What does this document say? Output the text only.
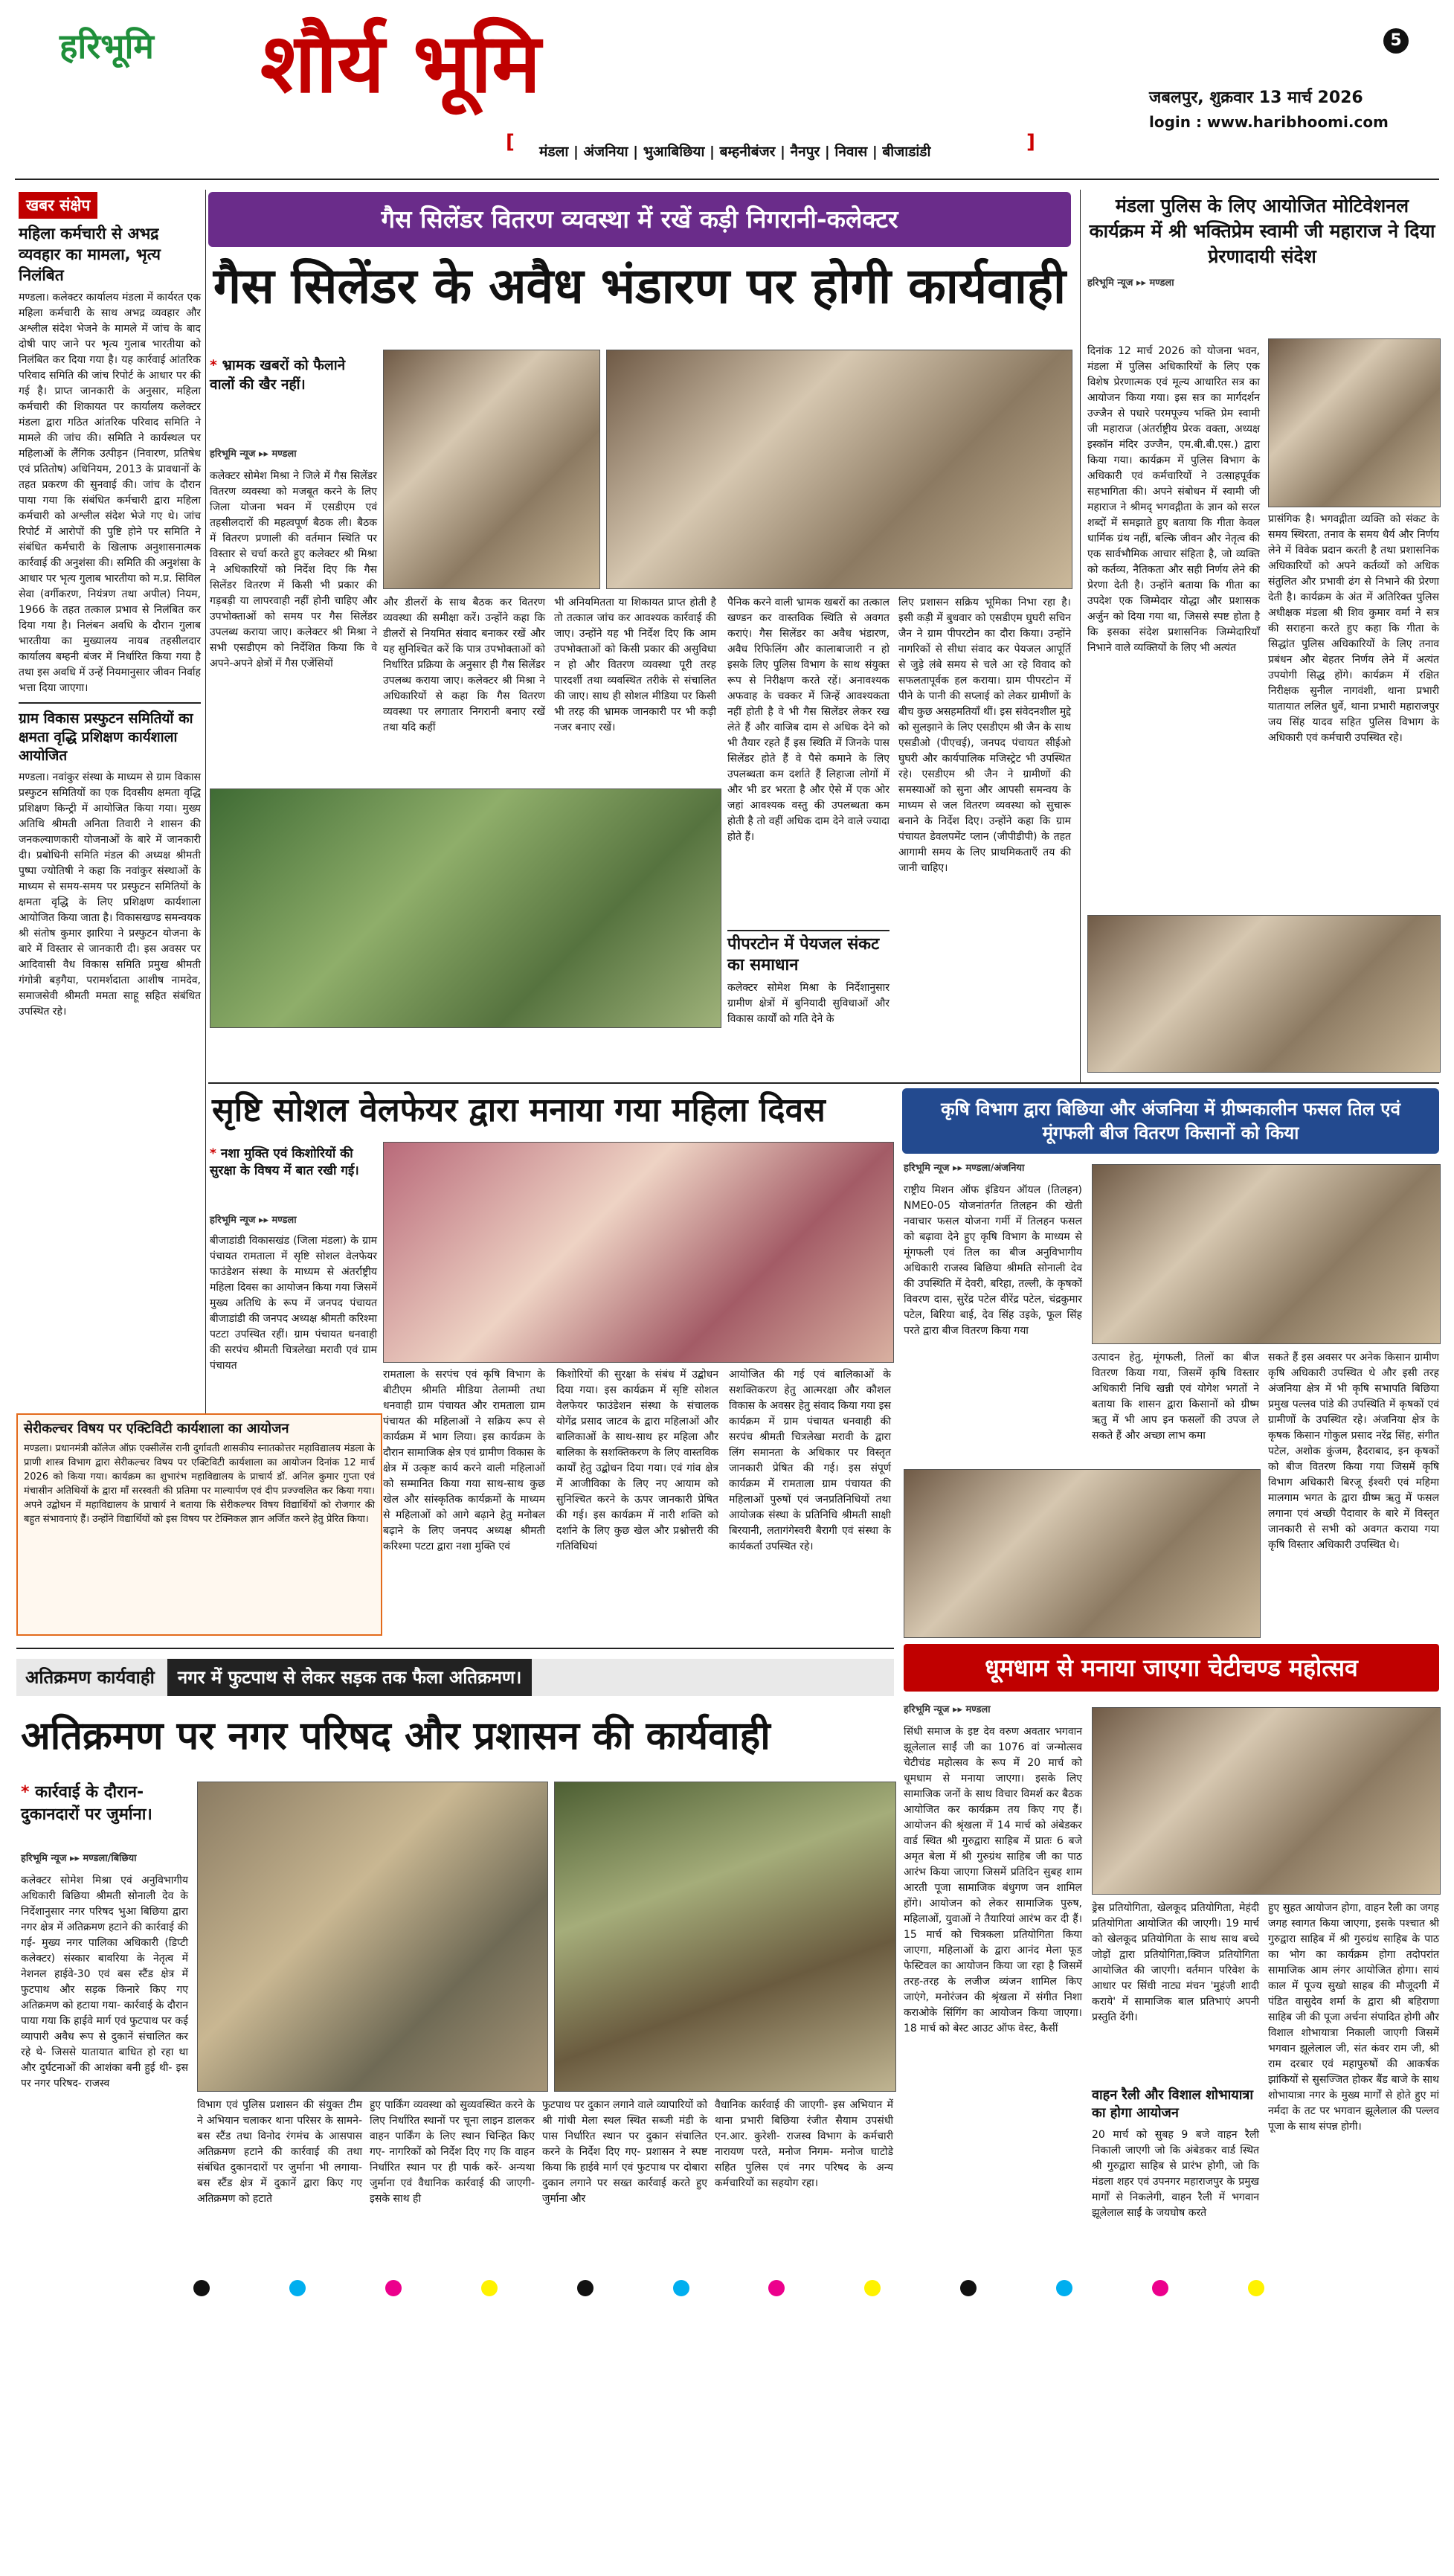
हरिभूमि शौर्य भूमि	5
जबलपुर, शुक्रवार 13 मार्च 2026
login : www.haribhoomi.com
[ मंडला | अंजनिया | भुआबिछिया | बम्हनीबंजर | नैनपुर | निवास | बीजाडांडी	]
खबर संक्षेप
महिला कर्मचारी से अभद्र व्यवहार का मामला, भृत्य निलंबित
मण्डला। कलेक्टर कार्यालय मंडला में कार्यरत एक महिला कर्मचारी के साथ अभद्र व्यवहार और अश्लील संदेश भेजने के मामले में जांच के बाद दोषी पाए जाने पर भृत्य गुलाब भारतीया को निलंबित कर दिया गया है। यह कार्रवाई आंतरिक परिवाद समिति की जांच रिपोर्ट के आधार पर की गई है। प्राप्त जानकारी के अनुसार, महिला कर्मचारी की शिकायत पर कार्यालय कलेक्टर मंडला द्वारा गठित आंतरिक परिवाद समिति ने मामले की जांच की। समिति ने कार्यस्थल पर महिलाओं के लैंगिक उत्पीड़न (निवारण, प्रतिषेध एवं प्रतितोष) अधिनियम, 2013 के प्रावधानों के तहत प्रकरण की सुनवाई की। जांच के दौरान पाया गया कि संबंधित कर्मचारी द्वारा महिला कर्मचारी को अश्लील संदेश भेजे गए थे। जांच रिपोर्ट में आरोपों की पुष्टि होने पर समिति ने संबंधित कर्मचारी के खिलाफ अनुशासनात्मक कार्रवाई की अनुशंसा की। समिति की अनुशंसा के आधार पर भृत्य गुलाब भारतीया को म.प्र. सिविल सेवा (वर्गीकरण, नियंत्रण तथा अपील) नियम, 1966 के तहत तत्काल प्रभाव से निलंबित कर दिया गया है। निलंबन अवधि के दौरान गुलाब भारतीया का मुख्यालय नायब तहसीलदार कार्यालय बम्हनी बंजर में निर्धारित किया गया है तथा इस अवधि में उन्हें नियमानुसार जीवन निर्वाह भत्ता दिया जाएगा।
ग्राम विकास प्रस्फुटन समितियों का क्षमता वृद्धि प्रशिक्षण कार्यशाला आयोजित
मण्डला। नवांकुर संस्था के माध्यम से ग्राम विकास प्रस्फुटन समितियों का एक दिवसीय क्षमता वृद्धि प्रशिक्षण किन्ट्री में आयोजित किया गया। मुख्य अतिथि श्रीमती अनिता तिवारी ने शासन की जनकल्याणकारी योजनाओं के बारे में जानकारी दी। प्रबोधिनी समिति मंडल की अध्यक्ष श्रीमती पुष्पा ज्योतिषी ने कहा कि नवांकुर संस्थाओं के माध्यम से समय-समय पर प्रस्फुटन समितियों के क्षमता वृद्धि के लिए प्रशिक्षण कार्यशाला आयोजित किया जाता है। विकासखण्ड समन्वयक श्री संतोष कुमार झारिया ने प्रस्फुटन योजना के बारे में विस्तार से जानकारी दी। इस अवसर पर आदिवासी वैध विकास समिति प्रमुख श्रीमती गंगोत्री बड़गैया, परामर्शदाता आशीष नामदेव, समाजसेवी श्रीमती ममता साहू सहित संबंधित उपस्थित रहे।
गैस सिलेंडर वितरण व्यवस्था में रखें कड़ी निगरानी-कलेक्टर
गैस सिलेंडर के अवैध भंडारण पर होगी कार्यवाही
* भ्रामक खबरों को फैलाने वालों की खैर नहीं।
हरिभूमि न्यूज ▸▸ मण्डला
कलेक्टर सोमेश मिश्रा ने जिले में गैस सिलेंडर वितरण व्यवस्था को मजबूत करने के लिए जिला योजना भवन में एसडीएम एवं तहसीलदारों की महत्वपूर्ण बैठक ली। बैठक में वितरण प्रणाली की वर्तमान स्थिति पर विस्तार से चर्चा करते हुए कलेक्टर श्री मिश्रा ने अधिकारियों को निर्देश दिए कि गैस सिलेंडर वितरण में किसी भी प्रकार की गड़बड़ी या लापरवाही नहीं होनी चाहिए और उपभोक्ताओं को समय पर गैस सिलेंडर उपलब्ध कराया जाए। कलेक्टर श्री मिश्रा ने सभी एसडीएम को निर्देशित किया कि वे अपने-अपने क्षेत्रों में गैस एजेंसियों
और डीलरों के साथ बैठक कर वितरण व्यवस्था की समीक्षा करें। उन्होंने कहा कि डीलरों से नियमित संवाद बनाकर रखें और यह सुनिश्चित करें कि पात्र उपभोक्ताओं को निर्धारित प्रक्रिया के अनुसार ही गैस सिलेंडर उपलब्ध कराया जाए। कलेक्टर श्री मिश्रा ने अधिकारियों से कहा कि गैस वितरण व्यवस्था पर लगातार निगरानी बनाए रखें तथा यदि कहीं
भी अनियमितता या शिकायत प्राप्त होती है तो तत्काल जांच कर आवश्यक कार्रवाई की जाए। उन्होंने यह भी निर्देश दिए कि आम उपभोक्ताओं को किसी प्रकार की असुविधा न हो और वितरण व्यवस्था पूरी तरह पारदर्शी तथा व्यवस्थित तरीके से संचालित की जाए। साथ ही सोशल मीडिया पर किसी भी तरह की भ्रामक जानकारी पर भी कड़ी नजर बनाए रखें।
पैनिक करने वाली भ्रामक खबरों का तत्काल खण्डन कर वास्तविक स्थिति से अवगत कराएं। गैस सिलेंडर का अवैध भंडारण, अवैध रिफिलिंग और कालाबाजारी न हो इसके लिए पुलिस विभाग के साथ संयुक्त रूप से निरीक्षण करते रहें। अनावश्यक अफवाह के चक्कर में जिन्हें आवश्यकता नहीं होती है वे भी गैस सिलेंडर लेकर रख लेते हैं और वाजिब दाम से अधिक देने को भी तैयार रहते हैं इस स्थिति में जिनके पास सिलेंडर होते हैं वे पैसे कमाने के लिए उपलब्धता कम दर्शाते हैं लिहाजा लोगों में और भी डर भरता है और ऐसे में एक ओर जहां आवश्यक वस्तु की उपलब्धता कम होती है तो वहीं अधिक दाम देने वाले ज्यादा होते हैं।
पीपरटोन में पेयजल संकट का समाधान
कलेक्टर सोमेश मिश्रा के निर्देशानुसार ग्रामीण क्षेत्रों में बुनियादी सुविधाओं और विकास कार्यों को गति देने के
लिए प्रशासन सक्रिय भूमिका निभा रहा है। इसी कड़ी में बुधवार को एसडीएम घुघरी सचिन जैन ने ग्राम पीपरटोन का दौरा किया। उन्होंने नागरिकों से सीधा संवाद कर पेयजल आपूर्ति से जुड़े लंबे समय से चले आ रहे विवाद को सफलतापूर्वक हल कराया। ग्राम पीपरटोन में पीने के पानी की सप्लाई को लेकर ग्रामीणों के बीच कुछ असहमतियाँ थीं। इस संवेदनशील मुद्दे को सुलझाने के लिए एसडीएम श्री जैन के साथ एसडीओ (पीएचई), जनपद पंचायत सीईओ घुघरी और कार्यपालिक मजिस्ट्रेट भी उपस्थित रहे। एसडीएम श्री जैन ने ग्रामीणों की समस्याओं को सुना और आपसी समन्वय के माध्यम से जल वितरण व्यवस्था को सुचारू बनाने के निर्देश दिए। उन्होंने कहा कि ग्राम पंचायत डेवलपमेंट प्लान (जीपीडीपी) के तहत आगामी समय के लिए प्राथमिकताएँ तय की जानी चाहिए।
मंडला पुलिस के लिए आयोजित मोटिवेशनल कार्यक्रम में श्री भक्तिप्रेम स्वामी जी महाराज ने दिया प्रेरणादायी संदेश
हरिभूमि न्यूज ▸▸ मण्डला
दिनांक 12 मार्च 2026 को योजना भवन, मंडला में पुलिस अधिकारियों के लिए एक विशेष प्रेरणात्मक एवं मूल्य आधारित सत्र का आयोजन किया गया। इस सत्र का मार्गदर्शन उज्जैन से पधारे परमपूज्य भक्ति प्रेम स्वामी जी महाराज (अंतर्राष्ट्रीय प्रेरक वक्ता, अध्यक्ष इस्कॉन मंदिर उज्जैन, एम.बी.बी.एस.) द्वारा किया गया। कार्यक्रम में पुलिस विभाग के अधिकारी एवं कर्मचारियों ने उत्साहपूर्वक सहभागिता की। अपने संबोधन में स्वामी जी महाराज ने श्रीमद् भगवद्गीता के ज्ञान को सरल शब्दों में समझाते हुए बताया कि गीता केवल धार्मिक ग्रंथ नहीं, बल्कि जीवन और नेतृत्व की एक सार्वभौमिक आचार संहिता है, जो व्यक्ति को कर्तव्य, नैतिकता और सही निर्णय लेने की प्रेरणा देती है। उन्होंने बताया कि गीता का उपदेश एक जिम्मेदार योद्धा और प्रशासक अर्जुन को दिया गया था, जिससे स्पष्ट होता है कि इसका संदेश प्रशासनिक जिम्मेदारियाँ निभाने वाले व्यक्तियों के लिए भी अत्यंत
प्रासंगिक है। भगवद्गीता व्यक्ति को संकट के समय स्थिरता, तनाव के समय धैर्य और निर्णय लेने में विवेक प्रदान करती है तथा प्रशासनिक अधिकारियों को अपने कर्तव्यों को अधिक संतुलित और प्रभावी ढंग से निभाने की प्रेरणा देती है। कार्यक्रम के अंत में अतिरिक्त पुलिस अधीक्षक मंडला श्री शिव कुमार वर्मा ने सत्र की सराहना करते हुए कहा कि गीता के सिद्धांत पुलिस अधिकारियों के लिए तनाव प्रबंधन और बेहतर निर्णय लेने में अत्यंत उपयोगी सिद्ध होंगे। कार्यक्रम में रक्षित निरीक्षक सुनील नागवंशी, थाना प्रभारी यातायात ललित धुर्वे, थाना प्रभारी महाराजपुर जय सिंह यादव सहित पुलिस विभाग के अधिकारी एवं कर्मचारी उपस्थित रहे।
सृष्टि सोशल वेलफेयर द्वारा मनाया गया महिला दिवस
* नशा मुक्ति एवं किशोरियों की सुरक्षा के विषय में बात रखी गई।
हरिभूमि न्यूज ▸▸ मण्डला
बीजाडांडी विकासखंड (जिला मंडला) के ग्राम पंचायत रामताला में सृष्टि सोशल वेलफेयर फाउंडेशन संस्था के माध्यम से अंतर्राष्ट्रीय महिला दिवस का आयोजन किया गया जिसमें मुख्य अतिथि के रूप में जनपद पंचायत बीजाडांडी की जनपद अध्यक्ष श्रीमती करिश्मा पटटा उपस्थित रहीं। ग्राम पंचायत धनवाही की सरपंच श्रीमती चित्रलेखा मरावी एवं ग्राम पंचायत
रामताला के सरपंच एवं कृषि विभाग के बीटीएम श्रीमति मीडिया तेलाम्मी तथा धनवाही ग्राम पंचायत और रामताला ग्राम पंचायत की महिलाओं ने सक्रिय रूप से कार्यक्रम में भाग लिया। इस कार्यक्रम के दौरान सामाजिक क्षेत्र एवं ग्रामीण विकास के क्षेत्र में उत्कृष्ट कार्य करने वाली महिलाओं को सम्मानित किया गया साथ-साथ कुछ खेल और सांस्कृतिक कार्यक्रमों के माध्यम से महिलाओं को आगे बढ़ाने हेतु मनोबल बढ़ाने के लिए जनपद अध्यक्ष श्रीमती करिश्मा पटटा द्वारा नशा मुक्ति एवं
किशोरियों की सुरक्षा के संबंध में उद्बोधन दिया गया। इस कार्यक्रम में सृष्टि सोशल वेलफेयर फाउंडेशन संस्था के संचालक योगेंद्र प्रसाद जाटव के द्वारा महिलाओं और बालिकाओं के साथ-साथ हर महिला और बालिका के सशक्तिकरण के लिए वास्तविक कार्यों हेतु उद्बोधन दिया गया। एवं गांव क्षेत्र में आजीविका के लिए नए आयाम को सुनिश्चित करने के ऊपर जानकारी प्रेषित की गई। इस कार्यक्रम में नारी शक्ति को दर्शाने के लिए कुछ खेल और प्रश्नोत्तरी की गतिविधियां
आयोजित की गई एवं बालिकाओं के सशक्तिकरण हेतु आत्मरक्षा और कौशल विकास के अवसर हेतु संवाद किया गया इस कार्यक्रम में ग्राम पंचायत धनवाही की सरपंच श्रीमती चित्रलेखा मरावी के द्वारा लिंग समानता के अधिकार पर विस्तृत जानकारी प्रेषित की गई। इस संपूर्ण कार्यक्रम में रामताला ग्राम पंचायत की महिलाओं पुरुषों एवं जनप्रतिनिधियों तथा आयोजक संस्था के प्रतिनिधि श्रीमती साक्षी बिरयानी, लतागंगेस्वरी बैरागी एवं संस्था के कार्यकर्ता उपस्थित रहे।
सेरीकल्चर विषय पर एक्टिविटी कार्यशाला का आयोजन
मण्डला। प्रधानमंत्री कॉलेज ऑफ़ एक्सीलेंस रानी दुर्गावती शासकीय स्नातकोत्तर महाविद्यालय मंडला के प्राणी शास्त्र विभाग द्वारा सेरीकल्चर विषय पर एक्टिविटी कार्यशाला का आयोजन दिनांक 12 मार्च 2026 को किया गया। कार्यक्रम का शुभारंभ महाविद्यालय के प्राचार्य डॉ. अनिल कुमार गुप्ता एवं मंचासीन अतिथियों के द्वारा माँ सरस्वती की प्रतिमा पर माल्यार्पण एवं दीप प्रज्ज्वलित कर किया गया। अपने उद्बोधन में महाविद्यालय के प्राचार्य ने बताया कि सेरीकल्चर विषय विद्यार्थियों को रोजगार की बहुत संभावनाएं हैं। उन्होंने विद्यार्थियों को इस विषय पर टेक्निकल ज्ञान अर्जित करने हेतु प्रेरित किया।
कृषि विभाग द्वारा बिछिया और अंजनिया में ग्रीष्मकालीन फसल तिल एवं मूंगफली बीज वितरण किसानों को किया
हरिभूमि न्यूज ▸▸ मण्डला/अंजनिया
राष्ट्रीय मिशन ऑफ इंडियन ऑयल (तिलहन) NME0-05 योजनांतर्गत तिलहन की खेती नवाचार फसल योजना गर्मी में तिलहन फसल को बढ़ावा देने हुए कृषि विभाग के माध्यम से मूंगफली एवं तिल का बीज अनुविभागीय अधिकारी राजस्व बिछिया श्रीमति सोनाली देव की उपस्थिति में देवरी, बरिहा, तल्ली, के कृषकों विवरण दास, सुरेंद्र पटेल वीरेंद्र पटेल, चंद्रकुमार पटेल, बिरिया बाई, देव सिंह उइके, फूल सिंह परते द्वारा बीज वितरण किया गया
उत्पादन हेतु, मूंगफली, तिलों का बीज वितरण किया गया, जिसमें कृषि विस्तार अधिकारी निधि खन्नी एवं योगेश भगतों ने बताया कि शासन द्वारा किसानों को ग्रीष्म ऋतु में भी आप इन फसलों की उपज ले सकते हैं और अच्छा लाभ कमा
सकते हैं इस अवसर पर अनेक किसान ग्रामीण कृषि अधिकारी उपस्थित थे और इसी तरह अंजनिया क्षेत्र में भी कृषि सभापति बिछिया प्रमुख पल्लव पांडे की उपस्थिति में कृषकों एवं ग्रामीणों के उपस्थित रहे। अंजनिया क्षेत्र के कृषक किसान गोकुल प्रसाद नरेंद्र सिंह, संगीत पटेल, अशोक कुंजम, हैदराबाद, इन कृषकों को बीज वितरण किया गया जिसमें कृषि विभाग अधिकारी बिरजू ईश्वरी एवं महिमा मालगाम भगत के द्वारा ग्रीष्म ऋतु में फसल लगाना एवं अच्छी पैदावार के बारे में विस्तृत जानकारी से सभी को अवगत कराया गया कृषि विस्तार अधिकारी उपस्थित थे।
धूमधाम से मनाया जाएगा चेटीचण्ड महोत्सव
हरिभूमि न्यूज ▸▸ मण्डला
सिंधी समाज के इष्ट देव वरुण अवतार भगवान झूलेलाल साईं जी का 1076 वां जन्मोत्सव चेटीचंड महोत्सव के रूप में 20 मार्च को धूमधाम से मनाया जाएगा। इसके लिए सामाजिक जनों के साथ विचार विमर्श कर बैठक आयोजित कर कार्यक्रम तय किए गए हैं। आयोजन की श्रृंखला में 14 मार्च को अंबेडकर वार्ड स्थित श्री गुरुद्वारा साहिब में प्रातः 6 बजे अमृत बेला में श्री गुरुग्रंथ साहिब जी का पाठ आरंभ किया जाएगा जिसमें प्रतिदिन सुबह शाम आरती पूजा सामाजिक बंधुगण जन शामिल होंगे। आयोजन को लेकर सामाजिक पुरुष, महिलाओं, युवाओं ने तैयारियां आरंभ कर दी हैं। 15 मार्च को चित्रकला प्रतियोगिता किया जाएगा, महिलाओं के द्वारा आनंद मेला फूड फेस्टिवल का आयोजन किया जा रहा है जिसमें तरह-तरह के लजीज व्यंजन शामिल किए जाएंगे, मनोरंजन की श्रृंखला में संगीत निशा कराओके सिंगिंग का आयोजन किया जाएगा। 18 मार्च को बेस्ट आउट ऑफ वेस्ट, कैसीं
ड्रेस प्रतियोगिता, खेलकूद प्रतियोगिता, मेहंदी प्रतियोगिता आयोजित की जाएगी। 19 मार्च को खेलकूद प्रतियोगिता के साथ साथ बच्चे जोड़ों द्वारा प्रतियोगिता,क्विज प्रतियोगिता आयोजित की जाएगी। वर्तमान परिवेश के आधार पर सिंधी नाट्य मंचन 'मुहंजी शादी कराये' में सामाजिक बाल प्रतिभाएं अपनी प्रस्तुति देंगी।
वाहन रैली और विशाल शोभायात्रा का होगा आयोजन
20 मार्च को सुबह 9 बजे वाहन रैली निकाली जाएगी जो कि अंबेडकर वार्ड स्थित श्री गुरुद्वारा साहिब से प्रारंभ होगी, जो कि मंडला शहर एवं उपनगर महाराजपुर के प्रमुख मार्गों से निकलेगी, वाहन रैली में भगवान झूलेलाल साईं के जयघोष करते
हुए सुहत आयोजन होगा, वाहन रैली का जगह जगह स्वागत किया जाएगा, इसके पश्चात श्री गुरुद्वारा साहिब में श्री गुरुग्रंथ साहिब के पाठ का भोग का कार्यक्रम होगा तदोपरांत सामाजिक आम लंगर आयोजित होगा। सायं काल में पूज्य सुखो साहब की मौजूदगी में पंडित वासुदेव शर्मा के द्वारा श्री बहिराणा साहिब जी की पूजा अर्चना संपादित होगी और विशाल शोभायात्रा निकाली जाएगी जिसमें भगवान झूलेलाल जी, संत कंवर राम जी, श्री राम दरबार एवं महापुरुषों की आकर्षक झांकियों से सुसज्जित होकर बैंड बाजे के साथ शोभायात्रा नगर के मुख्य मार्गों से होते हुए मां नर्मदा के तट पर भगवान झूलेलाल की पल्लव पूजा के साथ संपन्न होगी।
अतिक्रमण कार्यवाही नगर में फुटपाथ से लेकर सड़क तक फैला अतिक्रमण।
अतिक्रमण पर नगर परिषद और प्रशासन की कार्यवाही
* कार्रवाई के दौरान- दुकानदारों पर जुर्माना।
हरिभूमि न्यूज ▸▸ मण्डला/बिछिया
कलेक्टर सोमेश मिश्रा एवं अनुविभागीय अधिकारी बिछिया श्रीमती सोनाली देव के निर्देशानुसार नगर परिषद भुआ बिछिया द्वारा नगर क्षेत्र में अतिक्रमण हटाने की कार्रवाई की गई- मुख्य नगर पालिका अधिकारी (डिप्टी कलेक्टर) संस्कार बावरिया के नेतृत्व में नेशनल हाईवे-30 एवं बस स्टैंड क्षेत्र में फुटपाथ और सड़क किनारे किए गए अतिक्रमण को हटाया गया- कार्रवाई के दौरान पाया गया कि हाईवे मार्ग एवं फुटपाथ पर कई व्यापारी अवैध रूप से दुकानें संचालित कर रहे थे- जिससे यातायात बाधित हो रहा था और दुर्घटनाओं की आशंका बनी हुई थी- इस पर नगर परिषद- राजस्व
विभाग एवं पुलिस प्रशासन की संयुक्त टीम ने अभियान चलाकर थाना परिसर के सामने- बस स्टैंड तथा विनोद रंगमंच के आसपास अतिक्रमण हटाने की कार्रवाई की तथा संबंधित दुकानदारों पर जुर्माना भी लगाया- बस स्टैंड क्षेत्र में दुकानें द्वारा किए गए अतिक्रमण को हटाते
हुए पार्किंग व्यवस्था को सुव्यवस्थित करने के लिए निर्धारित स्थानों पर चूना लाइन डालकर वाहन पार्किंग के लिए स्थान चिन्हित किए गए- नागरिकों को निर्देश दिए गए कि वाहन निर्धारित स्थान पर ही पार्क करें- अन्यथा जुर्माना एवं वैधानिक कार्रवाई की जाएगी- इसके साथ ही
फुटपाथ पर दुकान लगाने वाले व्यापारियों को श्री गांधी मेला स्थल स्थित सब्जी मंडी के पास निर्धारित स्थान पर दुकान संचालित करने के निर्देश दिए गए- प्रशासन ने स्पष्ट किया कि हाईवे मार्ग एवं फुटपाथ पर दोबारा दुकान लगाने पर सख्त कार्रवाई करते हुए जुर्माना और
वैधानिक कार्रवाई की जाएगी- इस अभियान में थाना प्रभारी बिछिया रंजीत सैयाम उपसंधी एन.आर. कुरेशी- राजस्व विभाग के कर्मचारी नारायण परते, मनोज निगम- मनोज घाटोडे सहित पुलिस एवं नगर परिषद के अन्य कर्मचारियों का सहयोग रहा।
